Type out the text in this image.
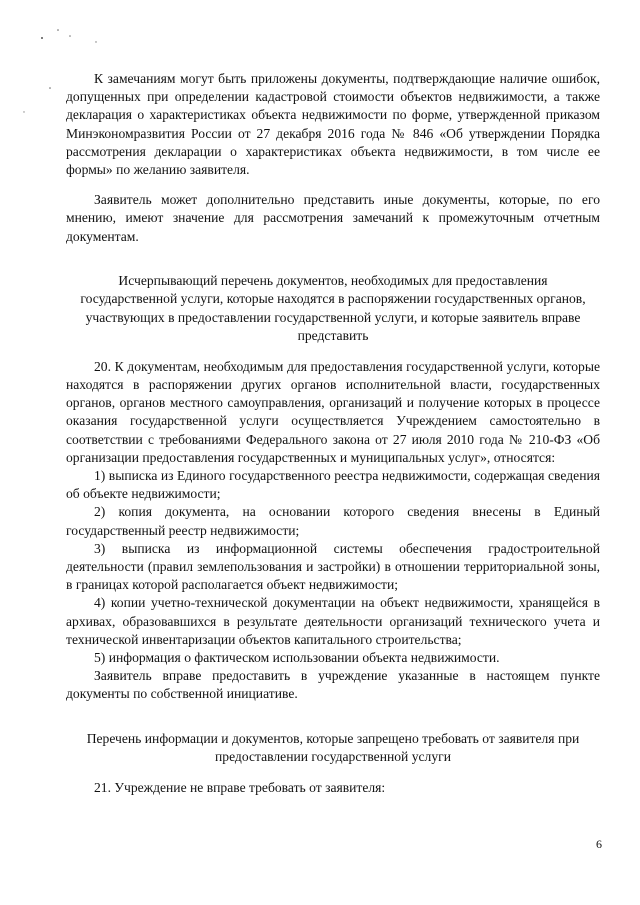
К замечаниям могут быть приложены документы, подтверждающие наличие ошибок, допущенных при определении кадастровой стоимости объектов недвижимости, а также декларация о характеристиках объекта недвижимости по форме, утвержденной приказом Минэкономразвития России от 27 декабря 2016 года № 846 «Об утверждении Порядка рассмотрения декларации о характеристиках объекта недвижимости, в том числе ее формы» по желанию заявителя.

Заявитель может дополнительно представить иные документы, которые, по его мнению, имеют значение для рассмотрения замечаний к промежуточным отчетным документам.

Исчерпывающий перечень документов, необходимых для предоставления государственной услуги, которые находятся в распоряжении государственных органов, участвующих в предоставлении государственной услуги, и которые заявитель вправе представить

20. К документам, необходимым для предоставления государственной услуги, которые находятся в распоряжении других органов исполнительной власти, государственных органов, органов местного самоуправления, организаций и получение которых в процессе оказания государственной услуги осуществляется Учреждением самостоятельно в соответствии с требованиями Федерального закона от 27 июля 2010 года № 210-ФЗ «Об организации предоставления государственных и муниципальных услуг», относятся:

1) выписка из Единого государственного реестра недвижимости, содержащая сведения об объекте недвижимости;

2) копия документа, на основании которого сведения внесены в Единый государственный реестр недвижимости;

3) выписка из информационной системы обеспечения градостроительной деятельности (правил землепользования и застройки) в отношении территориальной зоны, в границах которой располагается объект недвижимости;

4) копии учетно-технической документации на объект недвижимости, хранящейся в архивах, образовавшихся в результате деятельности организаций технического учета и технической инвентаризации объектов капитального строительства;

5) информация о фактическом использовании объекта недвижимости.

Заявитель вправе предоставить в учреждение указанные в настоящем пункте документы по собственной инициативе.

Перечень информации и документов, которые запрещено требовать от заявителя при предоставлении государственной услуги

21. Учреждение не вправе требовать от заявителя:

6
